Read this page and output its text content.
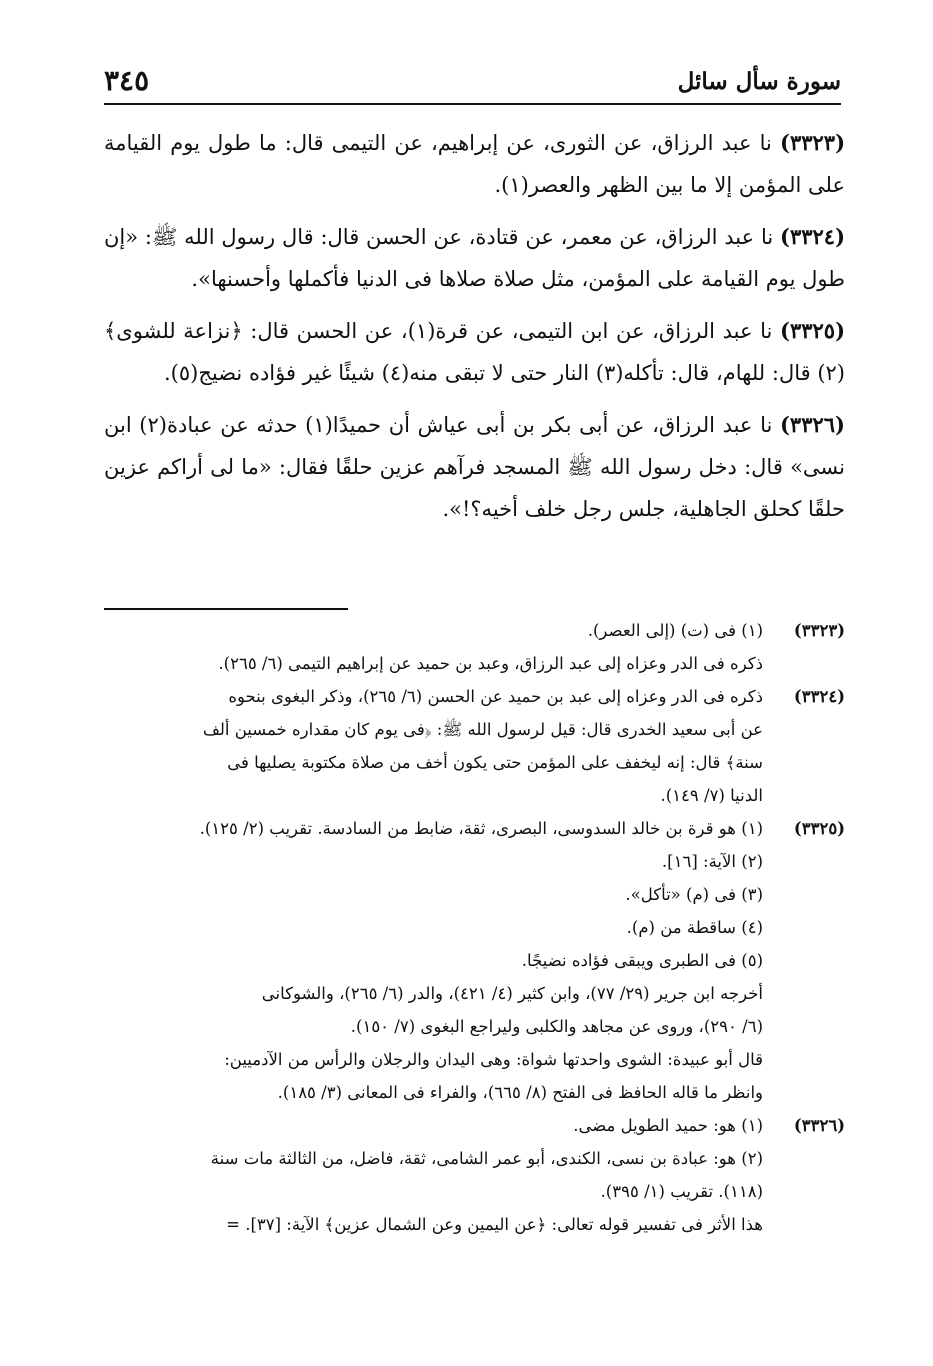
سورة سأل سائل
٣٤٥

(٣٣٢٣) نا عبد الرزاق، عن الثورى، عن إبراهيم، عن التيمى قال: ما طول يوم القيامة على المؤمن إلا ما بين الظهر والعصر(١).

(٣٣٢٤) نا عبد الرزاق، عن معمر، عن قتادة، عن الحسن قال: قال رسول الله ﷺ: «إن طول يوم القيامة على المؤمن، مثل صلاة صلاها فى الدنيا فأكملها وأحسنها».

(٣٣٢٥) نا عبد الرزاق، عن ابن التيمى، عن قرة(١)، عن الحسن قال: ﴿نزاعة للشوى﴾(٢) قال: للهام، قال: تأكله(٣) النار حتى لا تبقى منه(٤) شيئًا غير فؤاده نضيج(٥).

(٣٣٢٦) نا عبد الرزاق، عن أبى بكر بن أبى عياش أن حميدًا(١) حدثه عن عبادة(٢) ابن نسى» قال: دخل رسول الله ﷺ المسجد فرآهم عزين حلقًا فقال: «ما لى أراكم عزين حلقًا كحلق الجاهلية، جلس رجل خلف أخيه؟!».

(٣٣٢٣)

(١) فى (ت) (إلى العصر).

ذكره فى الدر وعزاه إلى عبد الرزاق، وعبد بن حميد عن إبراهيم التيمى (٦/ ٢٦٥).

(٣٣٢٤)

ذكره فى الدر وعزاه إلى عبد بن حميد عن الحسن (٦/ ٢٦٥)، وذكر البغوى بنحوه

عن أبى سعيد الخدرى قال: قيل لرسول الله ﷺ: ﴿فى يوم كان مقداره خمسين ألف

سنة﴾ قال: إنه ليخفف على المؤمن حتى يكون أخف من صلاة مكتوبة يصليها فى

الدنيا (٧/ ١٤٩).

(٣٣٢٥)

(١) هو قرة بن خالد السدوسى، البصرى، ثقة، ضابط من السادسة. تقريب (٢/ ١٢٥).

(٢) الآية: [١٦].

(٣) فى (م) «تأكل».

(٤) ساقطة من (م).

(٥) فى الطبرى ويبقى فؤاده نضيجًا.

أخرجه ابن جرير (٢٩/ ٧٧)، وابن كثير (٤/ ٤٢١)، والدر (٦/ ٢٦٥)، والشوكانى

(٦/ ٢٩٠)، وروى عن مجاهد والكلبى وليراجع البغوى (٧/ ١٥٠).

قال أبو عبيدة: الشوى واحدتها شواة: وهى اليدان والرجلان والرأس من الآدميين:

وانظر ما قاله الحافظ فى الفتح (٨/ ٦٦٥)، والفراء فى المعانى (٣/ ١٨٥).

(٣٣٢٦)

(١) هو: حميد الطويل مضى.

(٢) هو: عبادة بن نسى، الكندى، أبو عمر الشامى، ثقة، فاضل، من الثالثة مات سنة

(١١٨). تقريب (١/ ٣٩٥).

هذا الأثر فى تفسير قوله تعالى: ﴿عن اليمين وعن الشمال عزين﴾ الآية: [٣٧]. =
